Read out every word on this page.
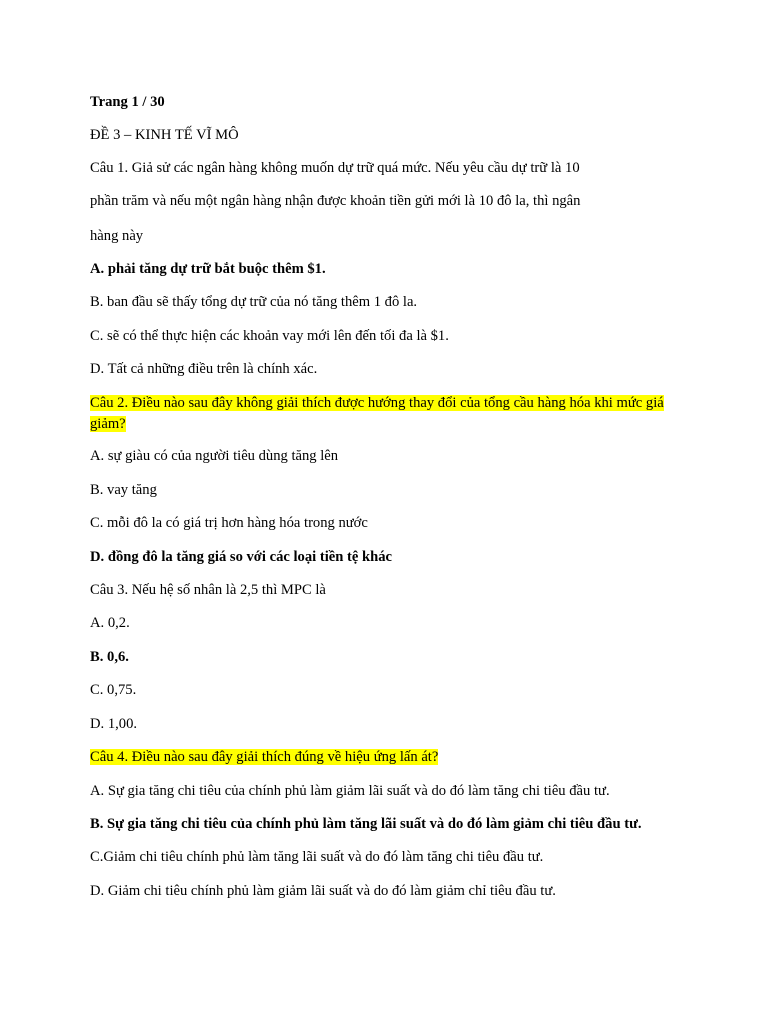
Trang 1 / 30

ĐỀ 3 – KINH TẾ VĨ MÔ

Câu 1. Giả sử các ngân hàng không muốn dự trữ quá mức. Nếu yêu cầu dự trữ là 10

phần trăm và nếu một ngân hàng nhận được khoản tiền gửi mới là 10 đô la, thì ngân

hàng này

A. phải tăng dự trữ bắt buộc thêm $1.

B. ban đầu sẽ thấy tổng dự trữ của nó tăng thêm 1 đô la.

C. sẽ có thể thực hiện các khoản vay mới lên đến tối đa là $1.

D. Tất cả những điều trên là chính xác.

Câu 2. Điều nào sau đây không giải thích được hướng thay đổi của tổng cầu hàng hóa khi mức giá giảm?

A. sự giàu có của người tiêu dùng tăng lên

B. vay tăng

C. mỗi đô la có giá trị hơn hàng hóa trong nước

D. đồng đô la tăng giá so với các loại tiền tệ khác

Câu 3. Nếu hệ số nhân là 2,5 thì MPC là

A. 0,2.

B. 0,6.

C. 0,75.

D. 1,00.

Câu 4. Điều nào sau đây giải thích đúng về hiệu ứng lấn át?

A. Sự gia tăng chi tiêu của chính phủ làm giảm lãi suất và do đó làm tăng chi tiêu đầu tư.

B. Sự gia tăng chi tiêu của chính phủ làm tăng lãi suất và do đó làm giảm chi tiêu đầu tư.

C.Giảm chi tiêu chính phủ làm tăng lãi suất và do đó làm tăng chi tiêu đầu tư.

D. Giảm chi tiêu chính phủ làm giảm lãi suất và do đó làm giảm chỉ tiêu đầu tư.
